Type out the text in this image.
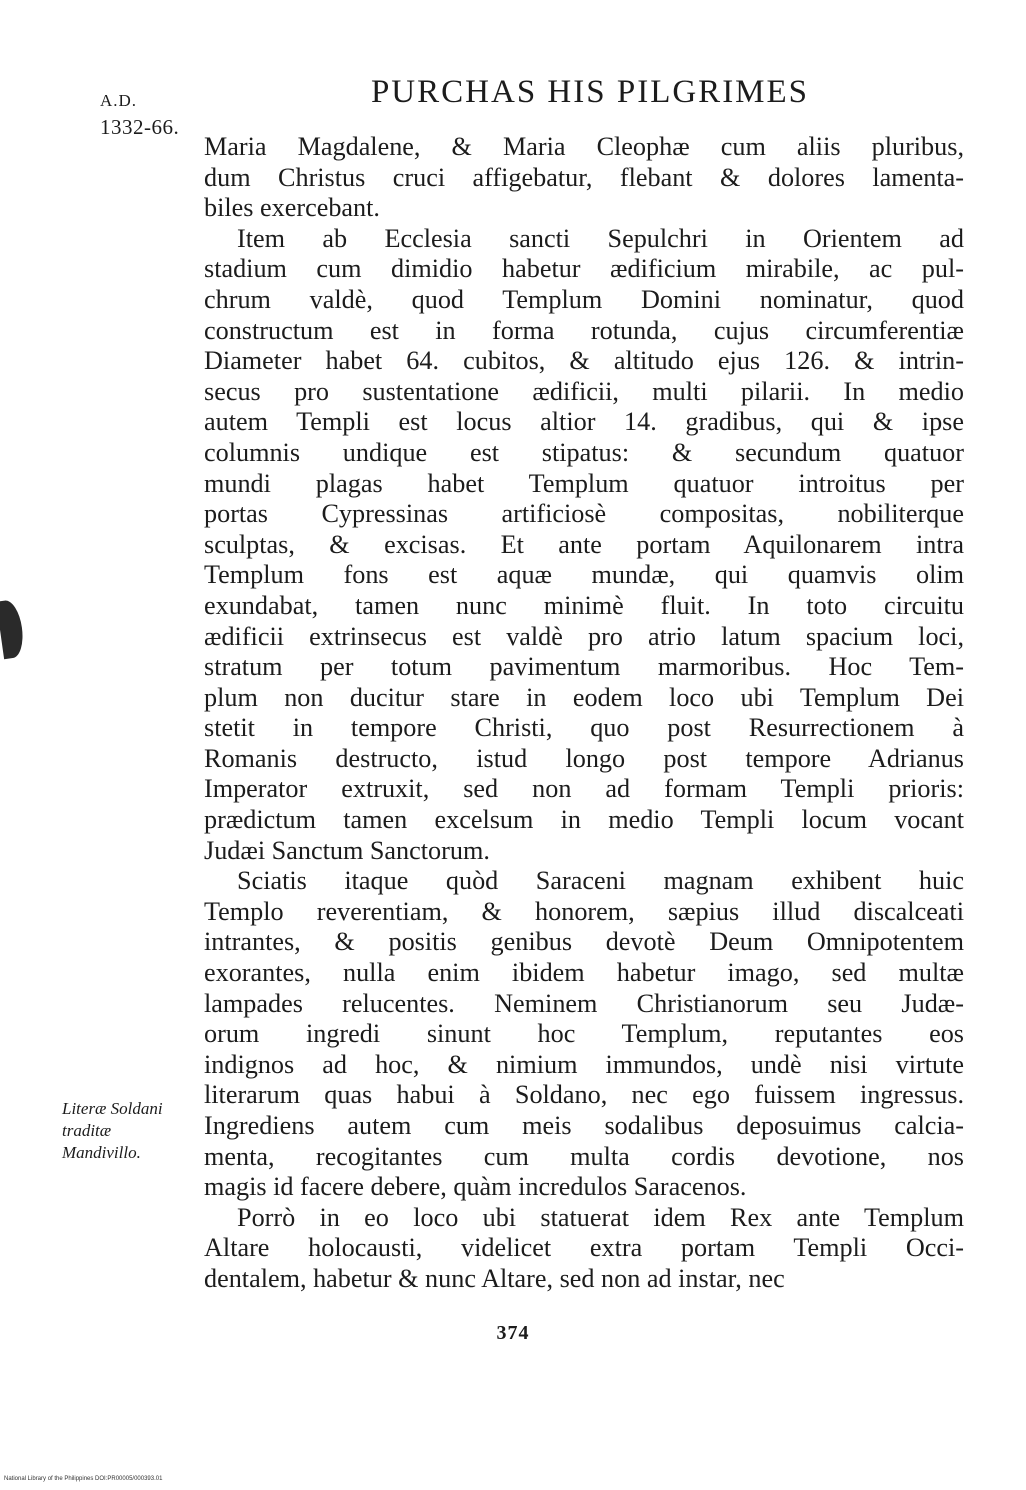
A.D.
1332-66.
PURCHAS HIS PILGRIMES

Maria Magdalene, & Maria Cleophæ cum aliis pluribus,
dum Christus cruci affigebatur, flebant & dolores lamenta-
biles exercebant.

Item ab Ecclesia sancti Sepulchri in Orientem ad
stadium cum dimidio habetur ædificium mirabile, ac pul-
chrum valdè, quod Templum Domini nominatur, quod
constructum est in forma rotunda, cujus circumferentiæ
Diameter habet 64. cubitos, & altitudo ejus 126. & intrin-
secus pro sustentatione ædificii, multi pilarii. In medio
autem Templi est locus altior 14. gradibus, qui & ipse
columnis undique est stipatus: & secundum quatuor
mundi plagas habet Templum quatuor introitus per
portas Cypressinas artificiosè compositas, nobiliterque
sculptas, & excisas. Et ante portam Aquilonarem intra
Templum fons est aquæ mundæ, qui quamvis olim
exundabat, tamen nunc minimè fluit. In toto circuitu
ædificii extrinsecus est valdè pro atrio latum spacium loci,
stratum per totum pavimentum marmoribus. Hoc Tem-
plum non ducitur stare in eodem loco ubi Templum Dei
stetit in tempore Christi, quo post Resurrectionem à
Romanis destructo, istud longo post tempore Adrianus
Imperator extruxit, sed non ad formam Templi prioris:
prædictum tamen excelsum in medio Templi locum vocant
Judæi Sanctum Sanctorum.

Sciatis itaque quòd Saraceni magnam exhibent huic
Templo reverentiam, & honorem, sæpius illud discalceati
intrantes, & positis genibus devotè Deum Omnipotentem
exorantes, nulla enim ibidem habetur imago, sed multæ
lampades relucentes. Neminem Christianorum seu Judæ-
orum ingredi sinunt hoc Templum, reputantes eos
indignos ad hoc, & nimium immundos, undè nisi virtute
literarum quas habui à Soldano, nec ego fuissem ingressus.
Ingrediens autem cum meis sodalibus deposuimus calcia-
menta, recogitantes cum multa cordis devotione, nos
magis id facere debere, quàm incredulos Saracenos.

Porrò in eo loco ubi statuerat idem Rex ante Templum
Altare holocausti, videlicet extra portam Templi Occi-
dentalem, habetur & nunc Altare, sed non ad instar, nec

Literæ Soldani
traditæ
Mandivillo.
374
National Library of the Philippines DOI:PR00005/000393.01
